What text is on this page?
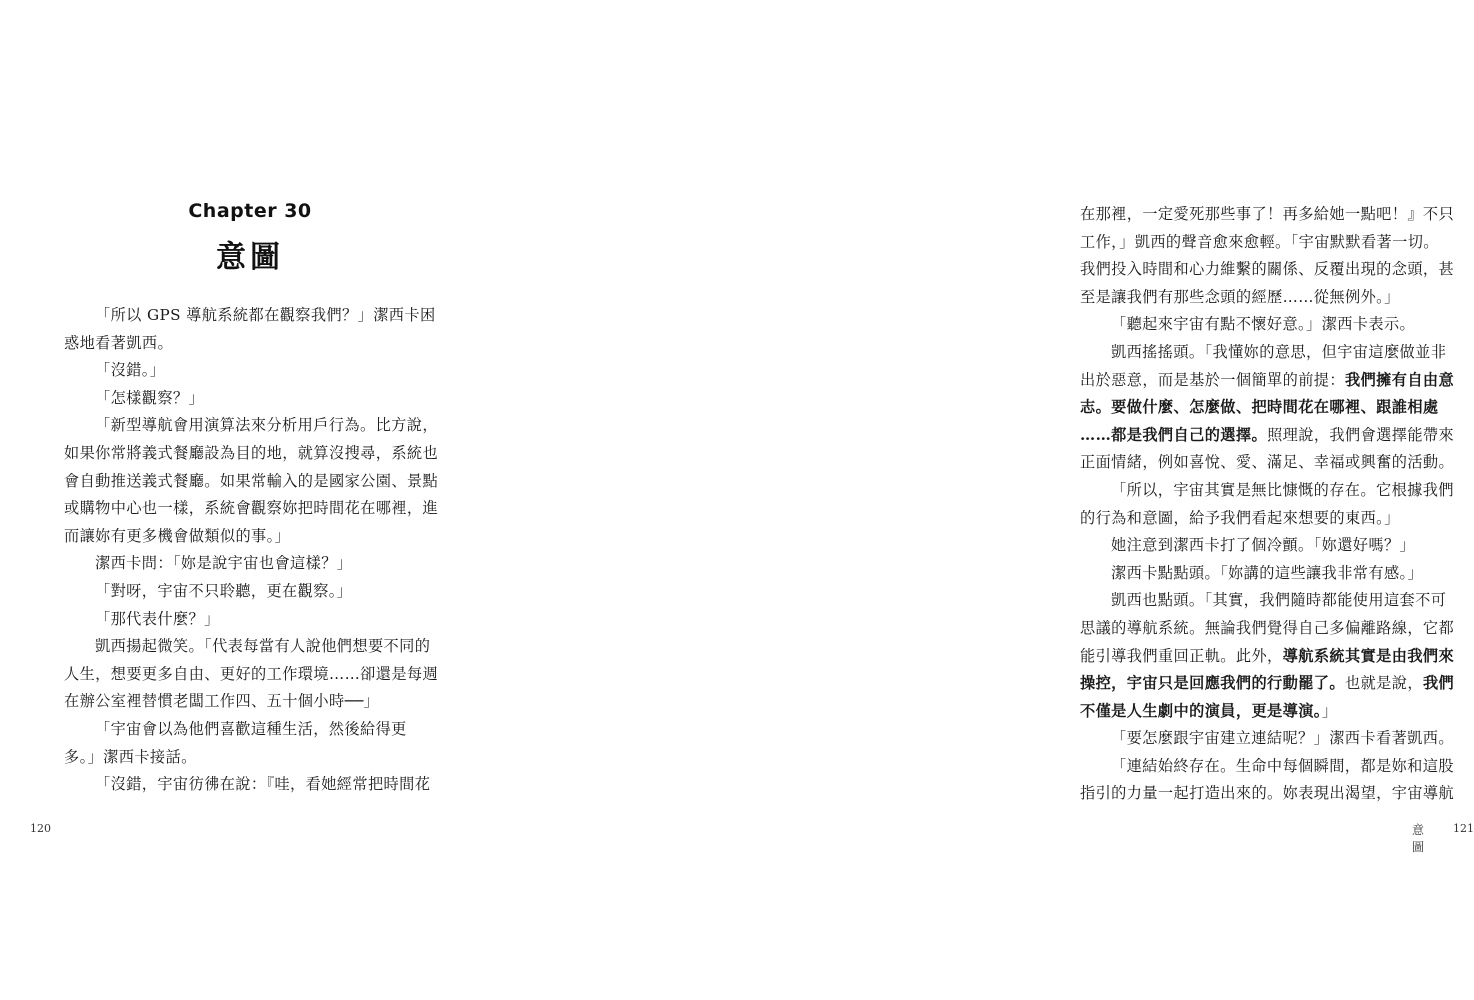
Chapter 30
意圖
「所以 GPS 導航系統都在觀察我們？」潔西卡困
惑地看著凱西。
「沒錯。」
「怎樣觀察？」
「新型導航會用演算法來分析用戶行為。比方說，
如果你常將義式餐廳設為目的地，就算沒搜尋，系統也
會自動推送義式餐廳。如果常輸入的是國家公園、景點
或購物中心也一樣，系統會觀察妳把時間花在哪裡，進
而讓妳有更多機會做類似的事。」
潔西卡問：「妳是說宇宙也會這樣？」
「對呀，宇宙不只聆聽，更在觀察。」
「那代表什麼？」
凱西揚起微笑。「代表每當有人說他們想要不同的
人生，想要更多自由、更好的工作環境……卻還是每週
在辦公室裡替慣老闆工作四、五十個小時──」
「宇宙會以為他們喜歡這種生活，然後給得更
多。」潔西卡接話。
「沒錯，宇宙彷彿在說：『哇，看她經常把時間花
120
在那裡，一定愛死那些事了！再多給她一點吧！』不只
工作，」凱西的聲音愈來愈輕。「宇宙默默看著一切。
我們投入時間和心力維繫的關係、反覆出現的念頭，甚
至是讓我們有那些念頭的經歷……從無例外。」
「聽起來宇宙有點不懷好意。」潔西卡表示。
凱西搖搖頭。「我懂妳的意思，但宇宙這麼做並非
出於惡意，而是基於一個簡單的前提：我們擁有自由意
志。要做什麼、怎麼做、把時間花在哪裡、跟誰相處
……都是我們自己的選擇。照理說，我們會選擇能帶來
正面情緒，例如喜悅、愛、滿足、幸福或興奮的活動。
「所以，宇宙其實是無比慷慨的存在。它根據我們
的行為和意圖，給予我們看起來想要的東西。」
她注意到潔西卡打了個冷顫。「妳還好嗎？」
潔西卡點點頭。「妳講的這些讓我非常有感。」
凱西也點頭。「其實，我們隨時都能使用這套不可
思議的導航系統。無論我們覺得自己多偏離路線，它都
能引導我們重回正軌。此外，導航系統其實是由我們來
操控，宇宙只是回應我們的行動罷了。也就是說，我們
不僅是人生劇中的演員，更是導演。」
「要怎麼跟宇宙建立連結呢？」潔西卡看著凱西。
「連結始終存在。生命中每個瞬間，都是妳和這股
指引的力量一起打造出來的。妳表現出渴望，宇宙導航
意圖
121
